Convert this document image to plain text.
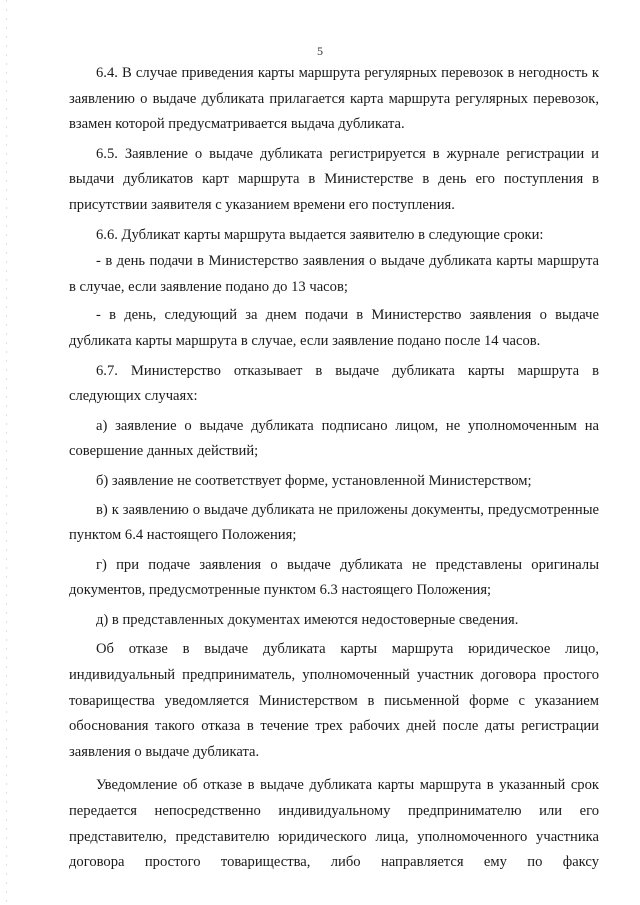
5

6.4. В случае приведения карты маршрута регулярных перевозок в негодность к заявлению о выдаче дубликата прилагается карта маршрута регулярных перевозок, взамен которой предусматривается выдача дубликата.

6.5. Заявление о выдаче дубликата регистрируется в журнале регистрации и выдачи дубликатов карт маршрута в Министерстве в день его поступления в присутствии заявителя с указанием времени его поступления.

6.6. Дубликат карты маршрута выдается заявителю в следующие сроки:

- в день подачи в Министерство заявления о выдаче дубликата карты маршрута в случае, если заявление подано до 13 часов;

- в день, следующий за днем подачи в Министерство заявления о выдаче дубликата карты маршрута в случае, если заявление подано после 14 часов.

6.7. Министерство отказывает в выдаче дубликата карты маршрута в следующих случаях:

а) заявление о выдаче дубликата подписано лицом, не уполномоченным на совершение данных действий;

б) заявление не соответствует форме, установленной Министерством;

в) к заявлению о выдаче дубликата не приложены документы, предусмотренные пунктом 6.4 настоящего Положения;

г) при подаче заявления о выдаче дубликата не представлены оригиналы документов, предусмотренные пунктом 6.3 настоящего Положения;

д) в представленных документах имеются недостоверные сведения.

Об отказе в выдаче дубликата карты маршрута юридическое лицо, индивидуальный предприниматель, уполномоченный участник договора простого товарищества уведомляется Министерством в письменной форме с указанием обоснования такого отказа в течение трех рабочих дней после даты регистрации заявления о выдаче дубликата.

Уведомление об отказе в выдаче дубликата карты маршрута в указанный срок передается непосредственно индивидуальному предпринимателю или его представителю, представителю юридического лица, уполномоченного участника договора простого товарищества, либо направляется ему по факсу
